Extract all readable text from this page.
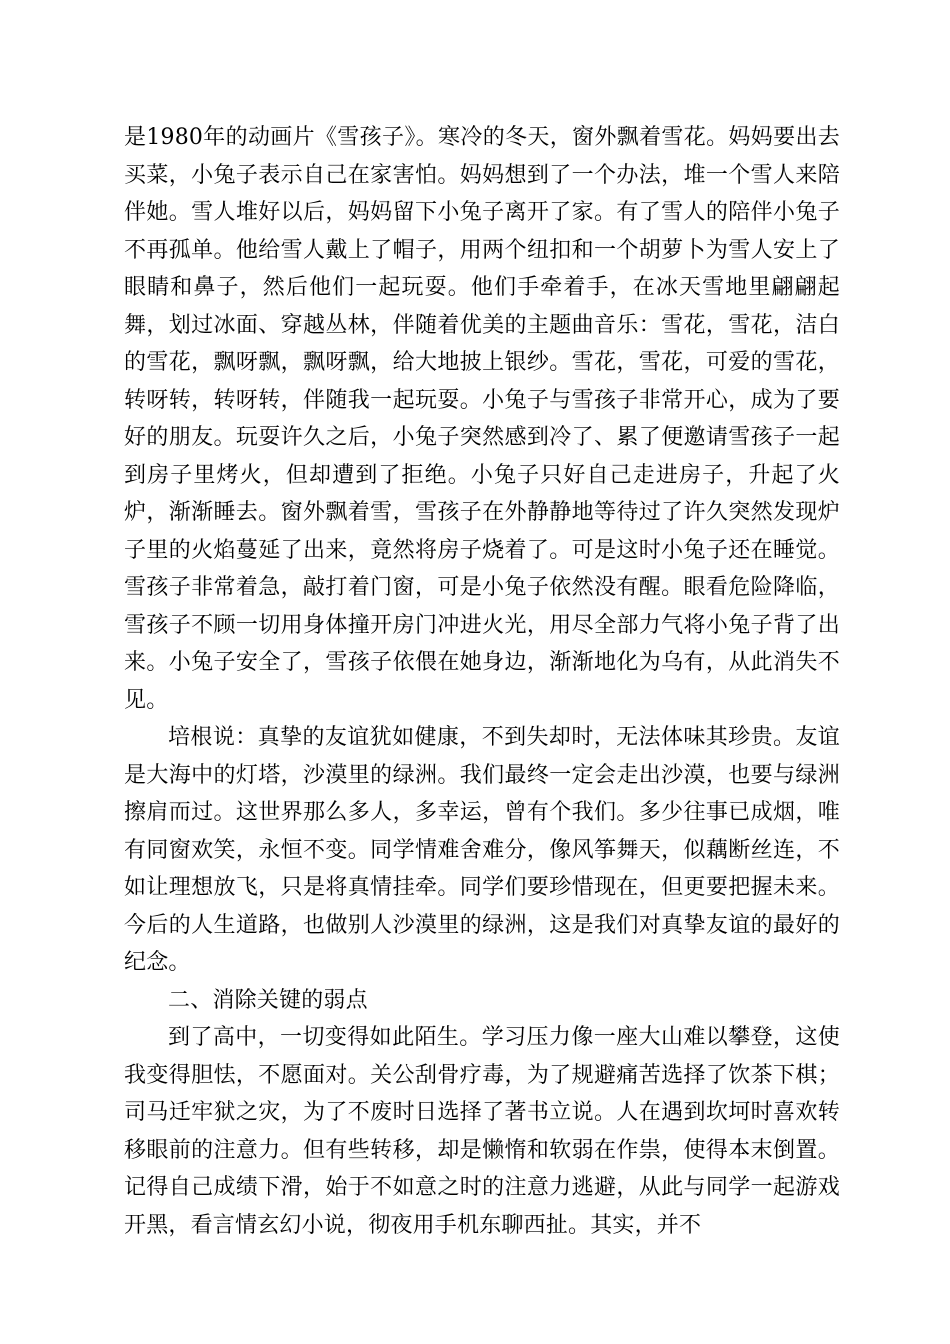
是1980年的动画片《雪孩子》。寒冷的冬天，窗外飘着雪花。妈妈要出去买菜，小兔子表示自己在家害怕。妈妈想到了一个办法，堆一个雪人来陪伴她。雪人堆好以后，妈妈留下小兔子离开了家。有了雪人的陪伴小兔子不再孤单。他给雪人戴上了帽子，用两个纽扣和一个胡萝卜为雪人安上了眼睛和鼻子，然后他们一起玩耍。他们手牵着手，在冰天雪地里翩翩起舞，划过冰面、穿越丛林，伴随着优美的主题曲音乐：雪花，雪花，洁白的雪花，飘呀飘，飘呀飘，给大地披上银纱。雪花，雪花，可爱的雪花，转呀转，转呀转，伴随我一起玩耍。小兔子与雪孩子非常开心，成为了要好的朋友。玩耍许久之后，小兔子突然感到冷了、累了便邀请雪孩子一起到房子里烤火，但却遭到了拒绝。小兔子只好自己走进房子，升起了火炉，渐渐睡去。窗外飘着雪，雪孩子在外静静地等待过了许久突然发现炉子里的火焰蔓延了出来，竟然将房子烧着了。可是这时小兔子还在睡觉。雪孩子非常着急，敲打着门窗，可是小兔子依然没有醒。眼看危险降临，雪孩子不顾一切用身体撞开房门冲进火光，用尽全部力气将小兔子背了出来。小兔子安全了，雪孩子依偎在她身边，渐渐地化为乌有，从此消失不见。

培根说：真挚的友谊犹如健康，不到失却时，无法体味其珍贵。友谊是大海中的灯塔，沙漠里的绿洲。我们最终一定会走出沙漠，也要与绿洲擦肩而过。这世界那么多人，多幸运，曾有个我们。多少往事已成烟，唯有同窗欢笑，永恒不变。同学情难舍难分，像风筝舞天，似藕断丝连，不如让理想放飞，只是将真情挂牵。同学们要珍惜现在，但更要把握未来。今后的人生道路，也做别人沙漠里的绿洲，这是我们对真挚友谊的最好的纪念。

二、消除关键的弱点

到了高中，一切变得如此陌生。学习压力像一座大山难以攀登，这使我变得胆怯，不愿面对。关公刮骨疗毒，为了规避痛苦选择了饮茶下棋；司马迁牢狱之灾，为了不废时日选择了著书立说。人在遇到坎坷时喜欢转移眼前的注意力。但有些转移，却是懒惰和软弱在作祟，使得本末倒置。记得自己成绩下滑，始于不如意之时的注意力逃避，从此与同学一起游戏开黑，看言情玄幻小说，彻夜用手机东聊西扯。其实，并不
